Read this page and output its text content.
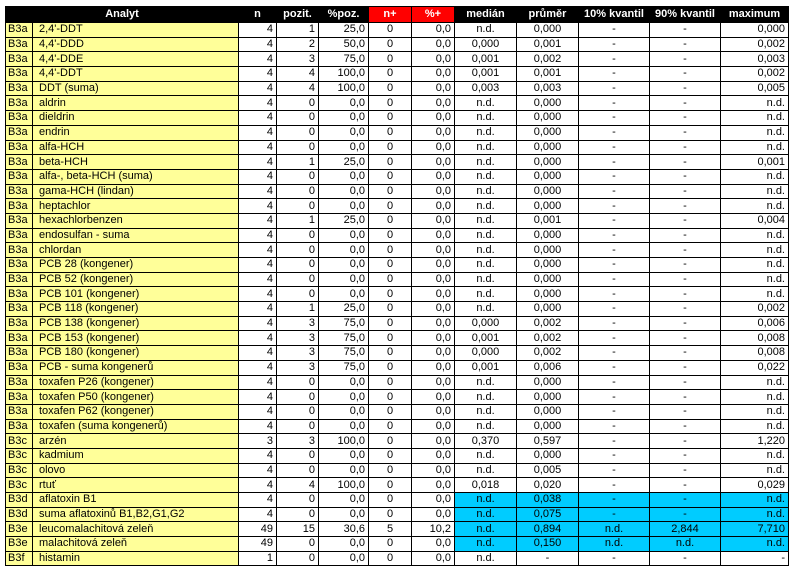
Analyt		n	pozit.	%poz.	n+	%+	medián	průměr	10% kvantil	90% kvantil	maximum
B3a	2,4'-DDT	4	1	25,0	0	0,0	n.d.	0,000	-	-	0,000
B3a	4,4'-DDD	4	2	50,0	0	0,0	0,000	0,001	-	-	0,002
B3a	4,4'-DDE	4	3	75,0	0	0,0	0,001	0,002	-	-	0,003
B3a	4,4'-DDT	4	4	100,0	0	0,0	0,001	0,001	-	-	0,002
B3a	DDT (suma)	4	4	100,0	0	0,0	0,003	0,003	-	-	0,005
B3a	aldrin	4	0	0,0	0	0,0	n.d.	0,000	-	-	n.d.
B3a	dieldrin	4	0	0,0	0	0,0	n.d.	0,000	-	-	n.d.
B3a	endrin	4	0	0,0	0	0,0	n.d.	0,000	-	-	n.d.
B3a	alfa-HCH	4	0	0,0	0	0,0	n.d.	0,000	-	-	n.d.
B3a	beta-HCH	4	1	25,0	0	0,0	n.d.	0,000	-	-	0,001
B3a	alfa-, beta-HCH (suma)	4	0	0,0	0	0,0	n.d.	0,000	-	-	n.d.
B3a	gama-HCH (lindan)	4	0	0,0	0	0,0	n.d.	0,000	-	-	n.d.
B3a	heptachlor	4	0	0,0	0	0,0	n.d.	0,000	-	-	n.d.
B3a	hexachlorbenzen	4	1	25,0	0	0,0	n.d.	0,001	-	-	0,004
B3a	endosulfan - suma	4	0	0,0	0	0,0	n.d.	0,000	-	-	n.d.
B3a	chlordan	4	0	0,0	0	0,0	n.d.	0,000	-	-	n.d.
B3a	PCB 28 (kongener)	4	0	0,0	0	0,0	n.d.	0,000	-	-	n.d.
B3a	PCB 52 (kongener)	4	0	0,0	0	0,0	n.d.	0,000	-	-	n.d.
B3a	PCB 101 (kongener)	4	0	0,0	0	0,0	n.d.	0,000	-	-	n.d.
B3a	PCB 118 (kongener)	4	1	25,0	0	0,0	n.d.	0,000	-	-	0,002
B3a	PCB 138 (kongener)	4	3	75,0	0	0,0	0,000	0,002	-	-	0,006
B3a	PCB 153 (kongener)	4	3	75,0	0	0,0	0,001	0,002	-	-	0,008
B3a	PCB 180 (kongener)	4	3	75,0	0	0,0	0,000	0,002	-	-	0,008
B3a	PCB - suma kongenerů	4	3	75,0	0	0,0	0,001	0,006	-	-	0,022
B3a	toxafen P26 (kongener)	4	0	0,0	0	0,0	n.d.	0,000	-	-	n.d.
B3a	toxafen P50 (kongener)	4	0	0,0	0	0,0	n.d.	0,000	-	-	n.d.
B3a	toxafen P62 (kongener)	4	0	0,0	0	0,0	n.d.	0,000	-	-	n.d.
B3a	toxafen (suma kongenerů)	4	0	0,0	0	0,0	n.d.	0,000	-	-	n.d.
B3c	arzén	3	3	100,0	0	0,0	0,370	0,597	-	-	1,220
B3c	kadmium	4	0	0,0	0	0,0	n.d.	0,000	-	-	n.d.
B3c	olovo	4	0	0,0	0	0,0	n.d.	0,005	-	-	n.d.
B3c	rtuť	4	4	100,0	0	0,0	0,018	0,020	-	-	0,029
B3d	aflatoxin B1	4	0	0,0	0	0,0	n.d.	0,038	-	-	n.d.
B3d	suma aflatoxinů B1,B2,G1,G2	4	0	0,0	0	0,0	n.d.	0,075	-	-	n.d.
B3e	leucomalachitová zeleň	49	15	30,6	5	10,2	n.d.	0,894	n.d.	2,844	7,710
B3e	malachitová zeleň	49	0	0,0	0	0,0	n.d.	0,150	n.d.	n.d.	n.d.
B3f	histamin	1	0	0,0	0	0,0	n.d.	-	-	-	-
